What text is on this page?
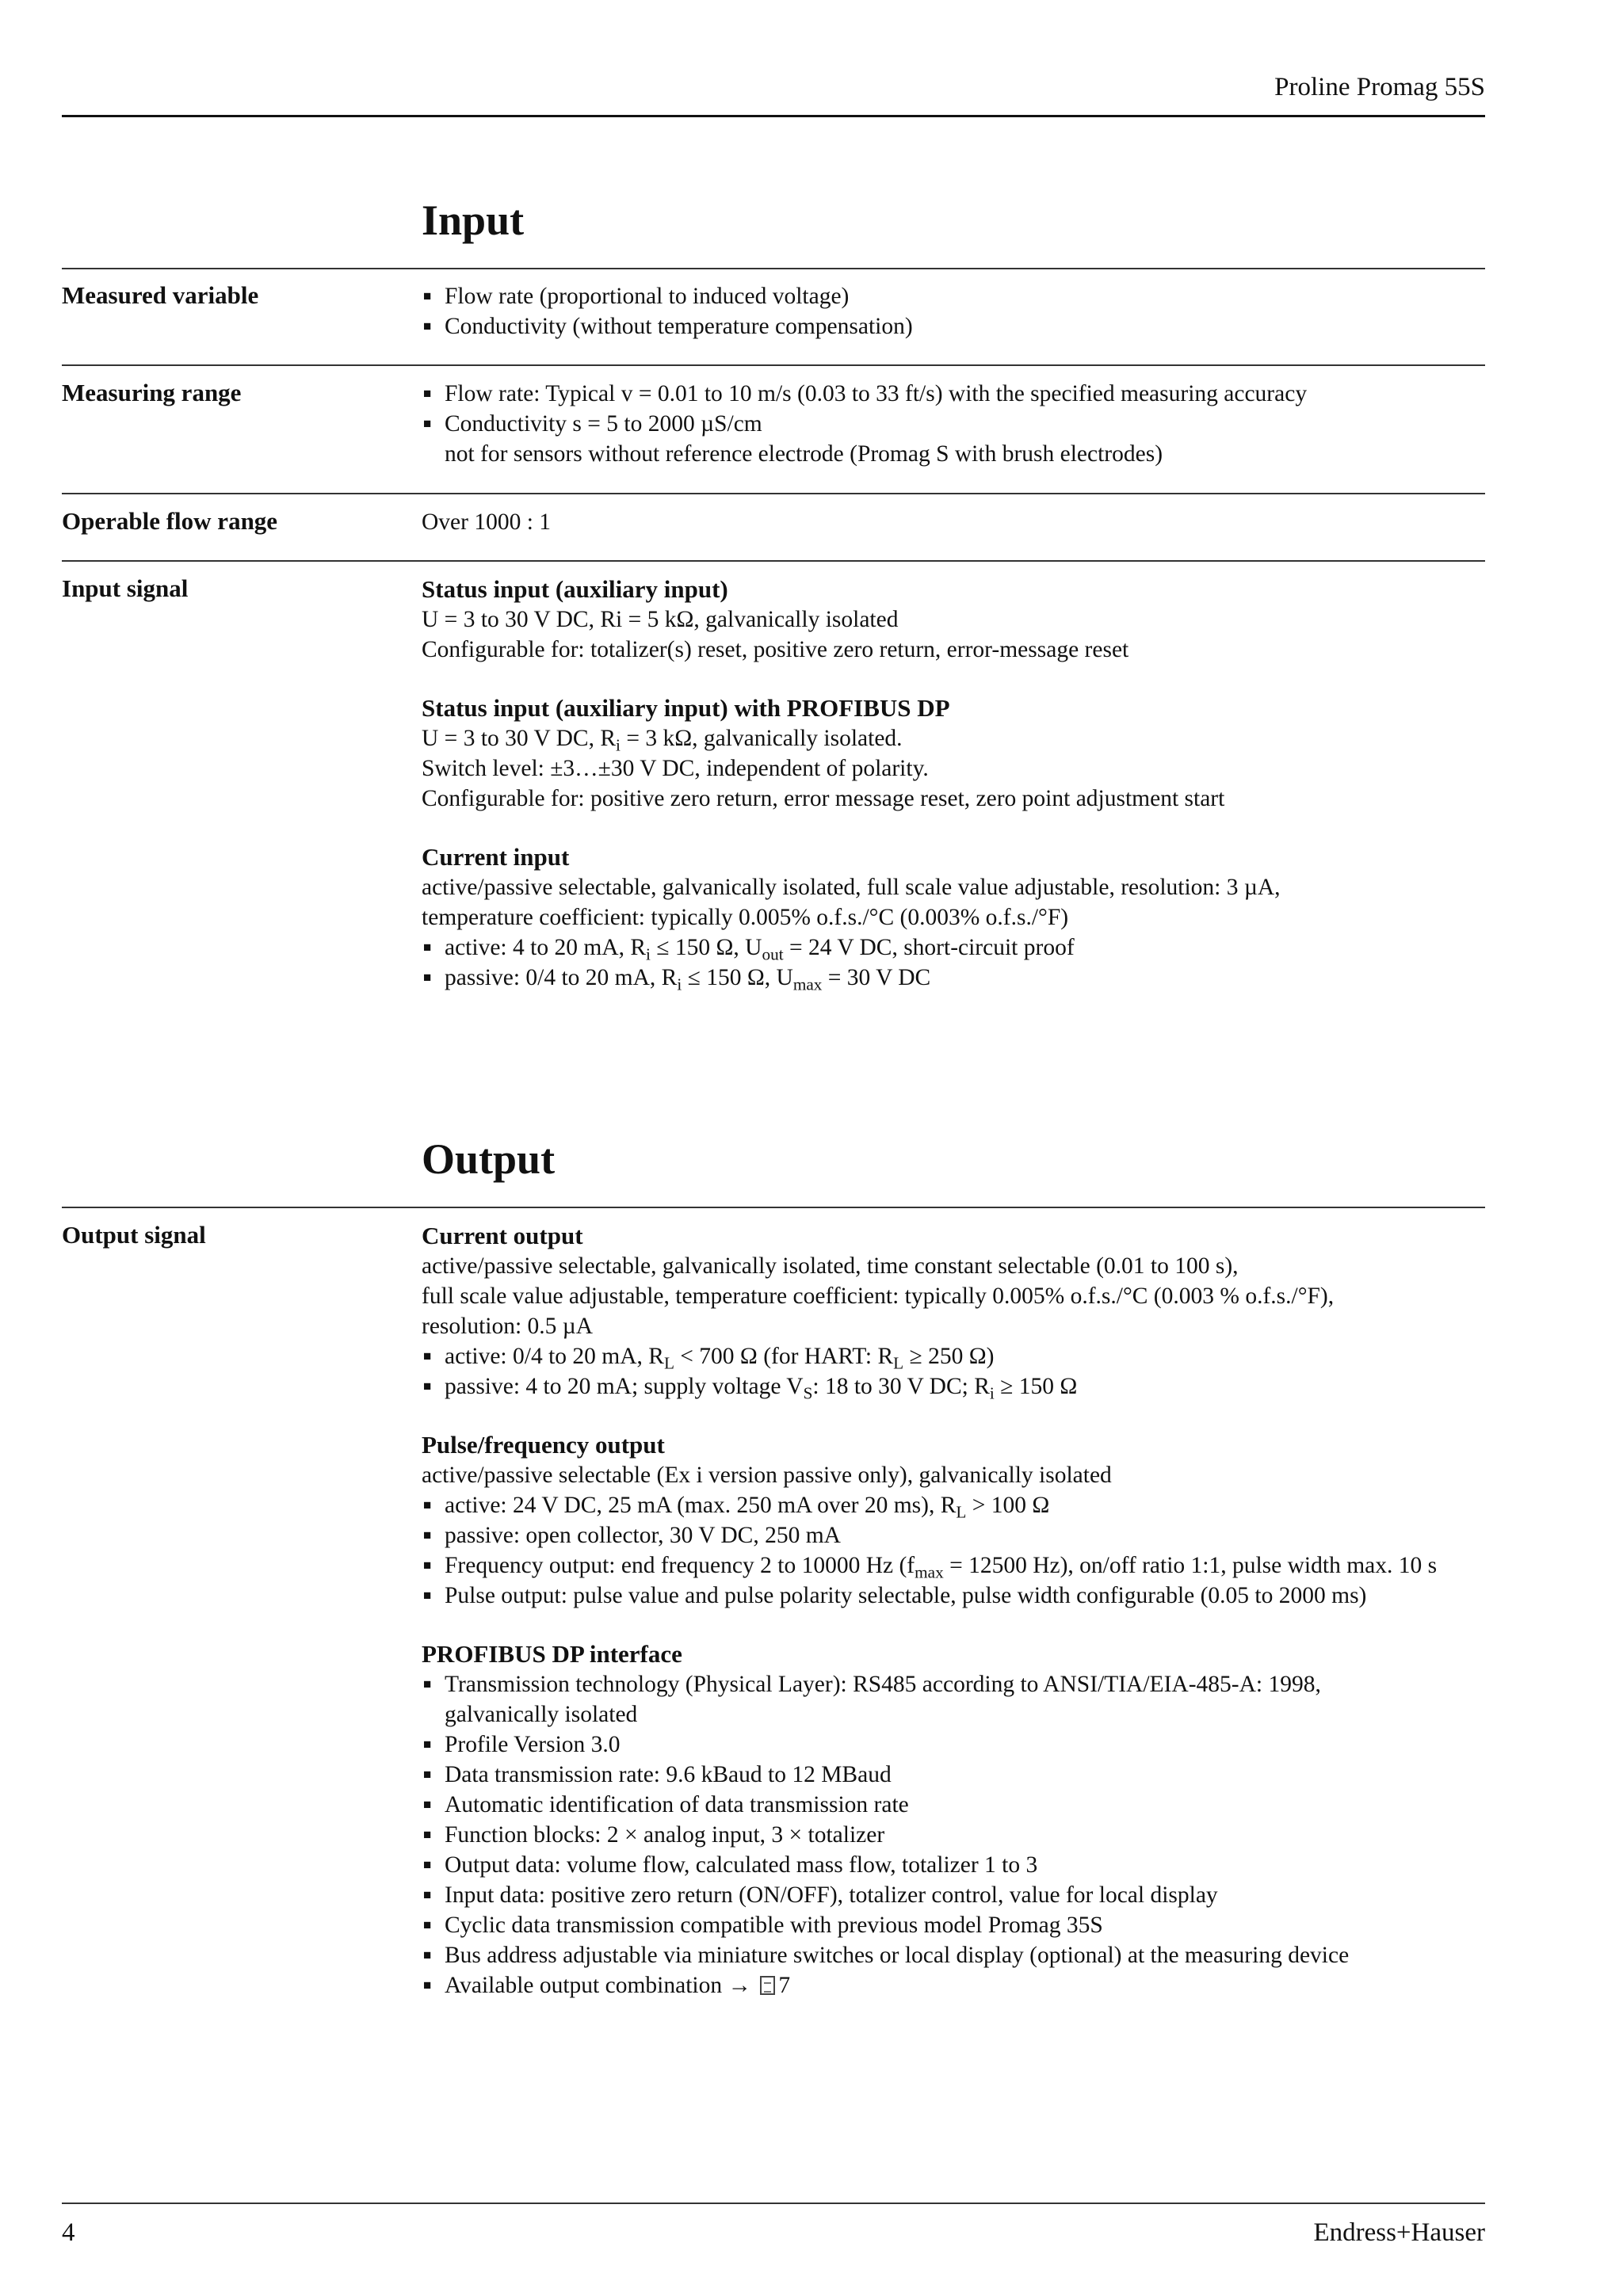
Proline Promag 55S
Input
Measured variable	■ Flow rate (proportional to induced voltage)
■ Conductivity (without temperature compensation)
Measuring range	■ Flow rate: Typical v = 0.01 to 10 m/s (0.03 to 33 ft/s) with the specified measuring accuracy
■ Conductivity s = 5 to 2000 µS/cm

not for sensors without reference electrode (Promag S with brush electrodes)

Operable flow range	Over 1000 : 1

Input signal	Status input (auxiliary input)

U = 3 to 30 V DC, Ri = 5 kΩ, galvanically isolated

Configurable for: totalizer(s) reset, positive zero return, error-message reset

Status input (auxiliary input) with PROFIBUS DP

U = 3 to 30 V DC, $R_i = 3$ kΩ, galvanically isolated.

Switch level: ±3…±30 V DC, independent of polarity.

Configurable for: positive zero return, error message reset, zero point adjustment start

Current input

active/passive selectable, galvanically isolated, full scale value adjustable, resolution: 3 µA,

temperature coefficient: typically 0.005% o.f.s./°C (0.003% o.f.s./°F)

■ active: 4 to 20 mA, $R_i \le 150$ Ω, $U_{out} = 24$ V DC, short-circuit proof
■ passive: 0/4 to 20 mA, $R_i \le 150$ Ω, $U_{max} = 30$ V DC
Output
Output signal	Current output

active/passive selectable, galvanically isolated, time constant selectable (0.01 to 100 s),

full scale value adjustable, temperature coefficient: typically 0.005% o.f.s./°C (0.003 % o.f.s./°F),

resolution: 0.5 µA

■ active: 0/4 to 20 mA, $R_L < 700$ Ω (for HART: $R_L \ge 250$ Ω)
■ passive: 4 to 20 mA; supply voltage $V_S$: 18 to 30 V DC; $R_i \ge 150$ Ω

Pulse/frequency output

active/passive selectable (Ex i version passive only), galvanically isolated

■ active: 24 V DC, 25 mA (max. 250 mA over 20 ms), $R_L > 100$ Ω
■ passive: open collector, 30 V DC, 250 mA
■ Frequency output: end frequency 2 to 10000 Hz ($f_{max} = 12500$ Hz), on/off ratio 1:1, pulse width max. 10 s
■ Pulse output: pulse value and pulse polarity selectable, pulse width configurable (0.05 to 2000 ms)

PROFIBUS DP interface

■ Transmission technology (Physical Layer): RS485 according to ANSI/TIA/EIA-485-A: 1998,

galvanically isolated

■ Profile Version 3.0
■ Data transmission rate: 9.6 kBaud to 12 MBaud
■ Automatic identification of data transmission rate
■ Function blocks: 2 × analog input, 3 × totalizer
■ Output data: volume flow, calculated mass flow, totalizer 1 to 3
■ Input data: positive zero return (ON/OFF), totalizer control, value for local display
■ Cyclic data transmission compatible with previous model Promag 35S
■ Bus address adjustable via miniature switches or local display (optional) at the measuring device
■ Available output combination → 7
4	Endress+Hauser
